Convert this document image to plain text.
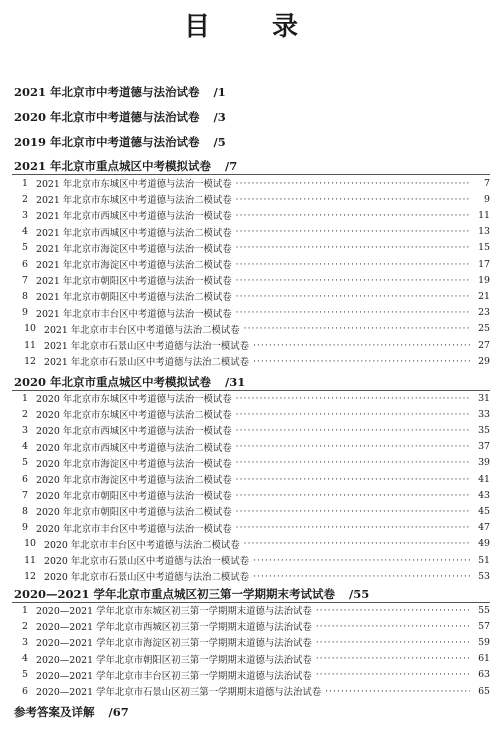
目　录
2021 年北京市中考道德与法治试卷 /1
2020 年北京市中考道德与法治试卷 /3
2019 年北京市中考道德与法治试卷 /5
2021 年北京市重点城区中考模拟试卷 /7
1 2021 年北京市东城区中考道德与法治一模试卷 ·····	7
2 2021 年北京市东城区中考道德与法治二模试卷 ·····	9
3 2021 年北京市西城区中考道德与法治一模试卷 ·····	11
4 2021 年北京市西城区中考道德与法治二模试卷 ·····	13
5 2021 年北京市海淀区中考道德与法治一模试卷 ·····	15
6 2021 年北京市海淀区中考道德与法治二模试卷 ·····	17
7 2021 年北京市朝阳区中考道德与法治一模试卷 ·····	19
8 2021 年北京市朝阳区中考道德与法治二模试卷 ·····	21
9 2021 年北京市丰台区中考道德与法治一模试卷 ·····	23
10 2021 年北京市丰台区中考道德与法治二模试卷 ·····	25
11 2021 年北京市石景山区中考道德与法治一模试卷 ·····	27
12 2021 年北京市石景山区中考道德与法治二模试卷 ·····	29
2020 年北京市重点城区中考模拟试卷 /31
1 2020 年北京市东城区中考道德与法治一模试卷 ·····	31
2 2020 年北京市东城区中考道德与法治二模试卷 ·····	33
3 2020 年北京市西城区中考道德与法治一模试卷 ·····	35
4 2020 年北京市西城区中考道德与法治二模试卷 ·····	37
5 2020 年北京市海淀区中考道德与法治一模试卷 ·····	39
6 2020 年北京市海淀区中考道德与法治二模试卷 ·····	41
7 2020 年北京市朝阳区中考道德与法治一模试卷 ·····	43
8 2020 年北京市朝阳区中考道德与法治二模试卷 ·····	45
9 2020 年北京市丰台区中考道德与法治一模试卷 ·····	47
10 2020 年北京市丰台区中考道德与法治二模试卷 ·····	49
11 2020 年北京市石景山区中考道德与法治一模试卷 ·····	51
12 2020 年北京市石景山区中考道德与法治二模试卷 ·····	53
2020—2021 学年北京市重点城区初三第一学期期末考试试卷 /55
1 2020—2021 学年北京市东城区初三第一学期期末道德与法治试卷 ·····	55
2 2020—2021 学年北京市西城区初三第一学期期末道德与法治试卷 ·····	57
3 2020—2021 学年北京市海淀区初三第一学期期末道德与法治试卷 ·····	59
4 2020—2021 学年北京市朝阳区初三第一学期期末道德与法治试卷 ·····	61
5 2020—2021 学年北京市丰台区初三第一学期期末道德与法治试卷 ·····	63
6 2020—2021 学年北京市石景山区初三第一学期期末道德与法治试卷 ·····	65
参考答案及详解 /67
